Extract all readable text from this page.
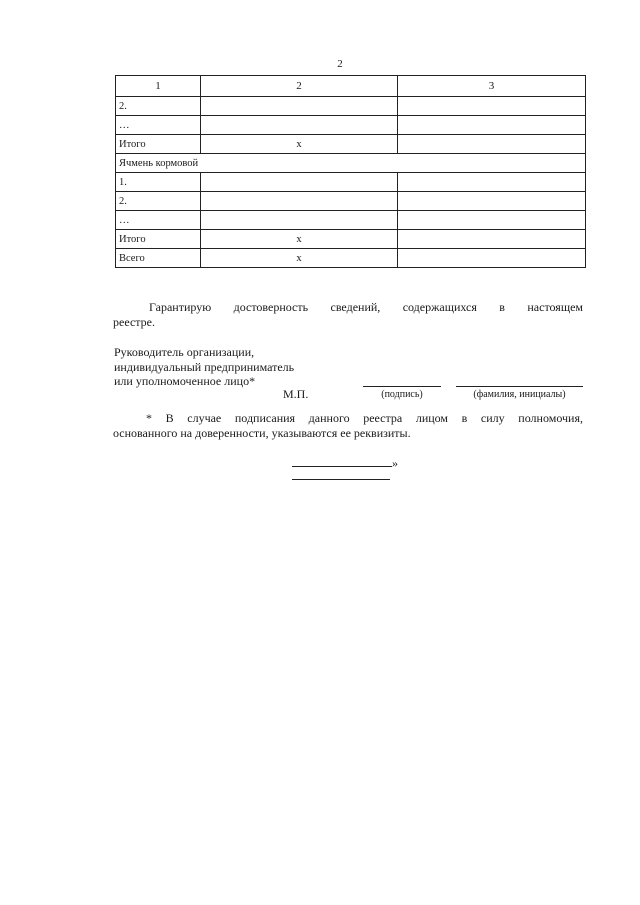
2
1	2	3
2.		
…		
Итого	х	
Ячмень кормовой		
1.		
2.		
…		
Итого	х	
Всего	х	
Гарантирую достоверность сведений, содержащихся в настоящем
реестре.
Руководитель организации,
индивидуальный предприниматель
или уполномоченное лицо*
М.П.	(подпись)	(фамилия, инициалы)
* В случае подписания данного реестра лицом в силу полномочия,
основанного на доверенности, указываются ее реквизиты.
»
